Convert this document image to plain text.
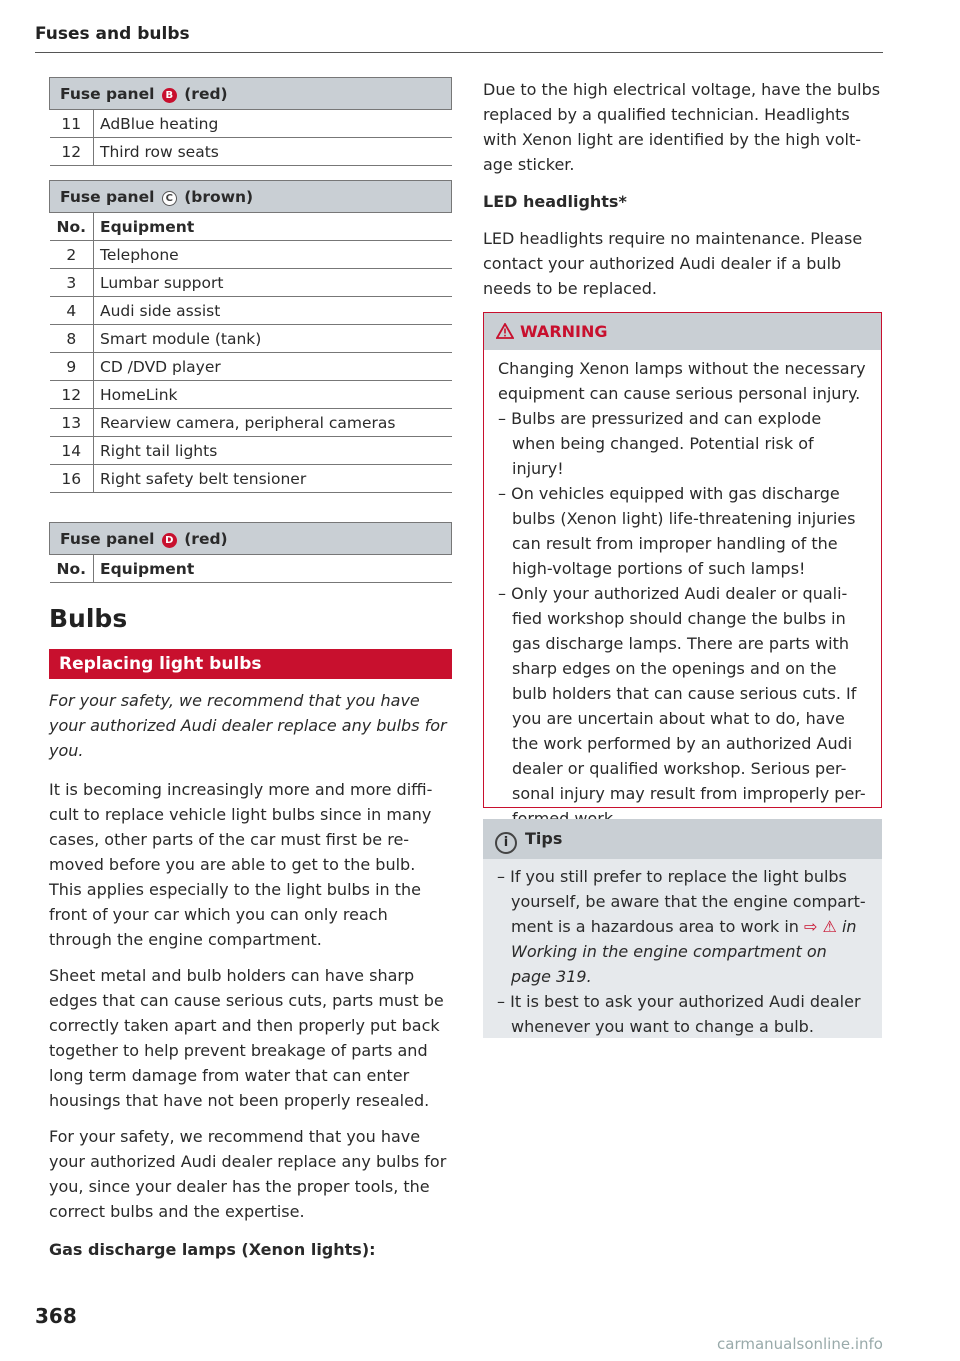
Fuses and bulbs
Fuse panel B (red)	
11	AdBlue heating
12	Third row seats
Fuse panel C (brown)	
No.	Equipment
2	Telephone
3	Lumbar support
4	Audi side assist
8	Smart module (tank)
9	CD /DVD player
12	HomeLink
13	Rearview camera, peripheral cameras
14	Right tail lights
16	Right safety belt tensioner
Fuse panel D (red)
No.	Equipment
Bulbs
Replacing light bulbs

For your safety, we recommend that you have your authorized Audi dealer replace any bulbs for you.

It is becoming increasingly more and more diffi-cult to replace vehicle light bulbs since in many cases, other parts of the car must first be re-moved before you are able to get to the bulb. This applies especially to the light bulbs in the front of your car which you can only reach through the engine compartment.

Sheet metal and bulb holders can have sharp edges that can cause serious cuts, parts must be correctly taken apart and then properly put back together to help prevent breakage of parts and long term damage from water that can enter housings that have not been properly resealed.

For your safety, we recommend that you have your authorized Audi dealer replace any bulbs for you, since your dealer has the proper tools, the correct bulbs and the expertise.

Gas discharge lamps (Xenon lights):

Due to the high electrical voltage, have the bulbs replaced by a qualified technician. Headlights with Xenon light are identified by the high volt-age sticker.

LED headlights*

LED headlights require no maintenance. Please contact your authorized Audi dealer if a bulb needs to be replaced.

WARNING

Changing Xenon lamps without the necessary equipment can cause serious personal injury.

– Bulbs are pressurized and can explode when being changed. Potential risk of injury!
– On vehicles equipped with gas discharge bulbs (Xenon light) life-threatening injuries can result from improper handling of the high-voltage portions of such lamps!
– Only your authorized Audi dealer or quali-fied workshop should change the bulbs in gas discharge lamps. There are parts with sharp edges on the openings and on the bulb holders that can cause serious cuts. If you are uncertain about what to do, have the work performed by an authorized Audi dealer or qualified workshop. Serious per-sonal injury may result from improperly per-
i Tips
– If you still prefer to replace the light bulbs yourself, be aware that the engine compart-ment is a hazardous area to work in ⇨ ⚠ in Working in the engine compartment on page 319.
– It is best to ask your authorized Audi dealer whenever you want to change a bulb.
368
carmanualsonline.info
